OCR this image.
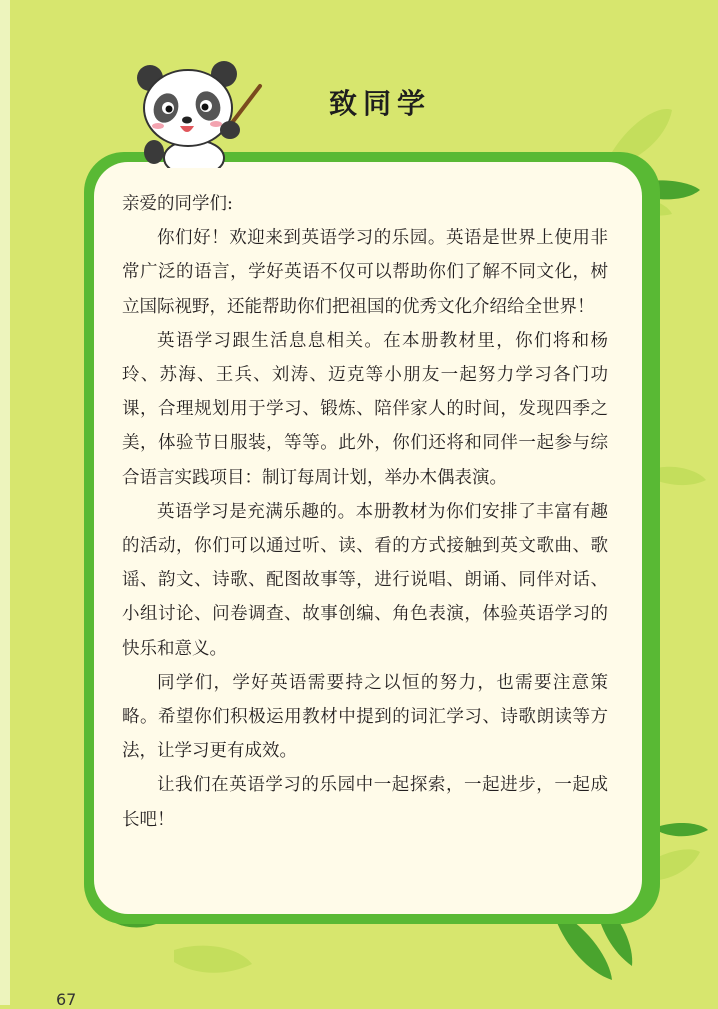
致同学

亲爱的同学们:

你们好！欢迎来到英语学习的乐园。英语是世界上使用非常广泛的语言，学好英语不仅可以帮助你们了解不同文化，树立国际视野，还能帮助你们把祖国的优秀文化介绍给全世界！

英语学习跟生活息息相关。在本册教材里，你们将和杨玲、苏海、王兵、刘涛、迈克等小朋友一起努力学习各门功课，合理规划用于学习、锻炼、陪伴家人的时间，发现四季之美，体验节日服装，等等。此外，你们还将和同伴一起参与综合语言实践项目：制订每周计划，举办木偶表演。

英语学习是充满乐趣的。本册教材为你们安排了丰富有趣的活动，你们可以通过听、读、看的方式接触到英文歌曲、歌谣、韵文、诗歌、配图故事等，进行说唱、朗诵、同伴对话、小组讨论、问卷调查、故事创编、角色表演，体验英语学习的快乐和意义。

同学们，学好英语需要持之以恒的努力，也需要注意策略。希望你们积极运用教材中提到的词汇学习、诗歌朗读等方法，让学习更有成效。

让我们在英语学习的乐园中一起探索，一起进步，一起成长吧！

67
